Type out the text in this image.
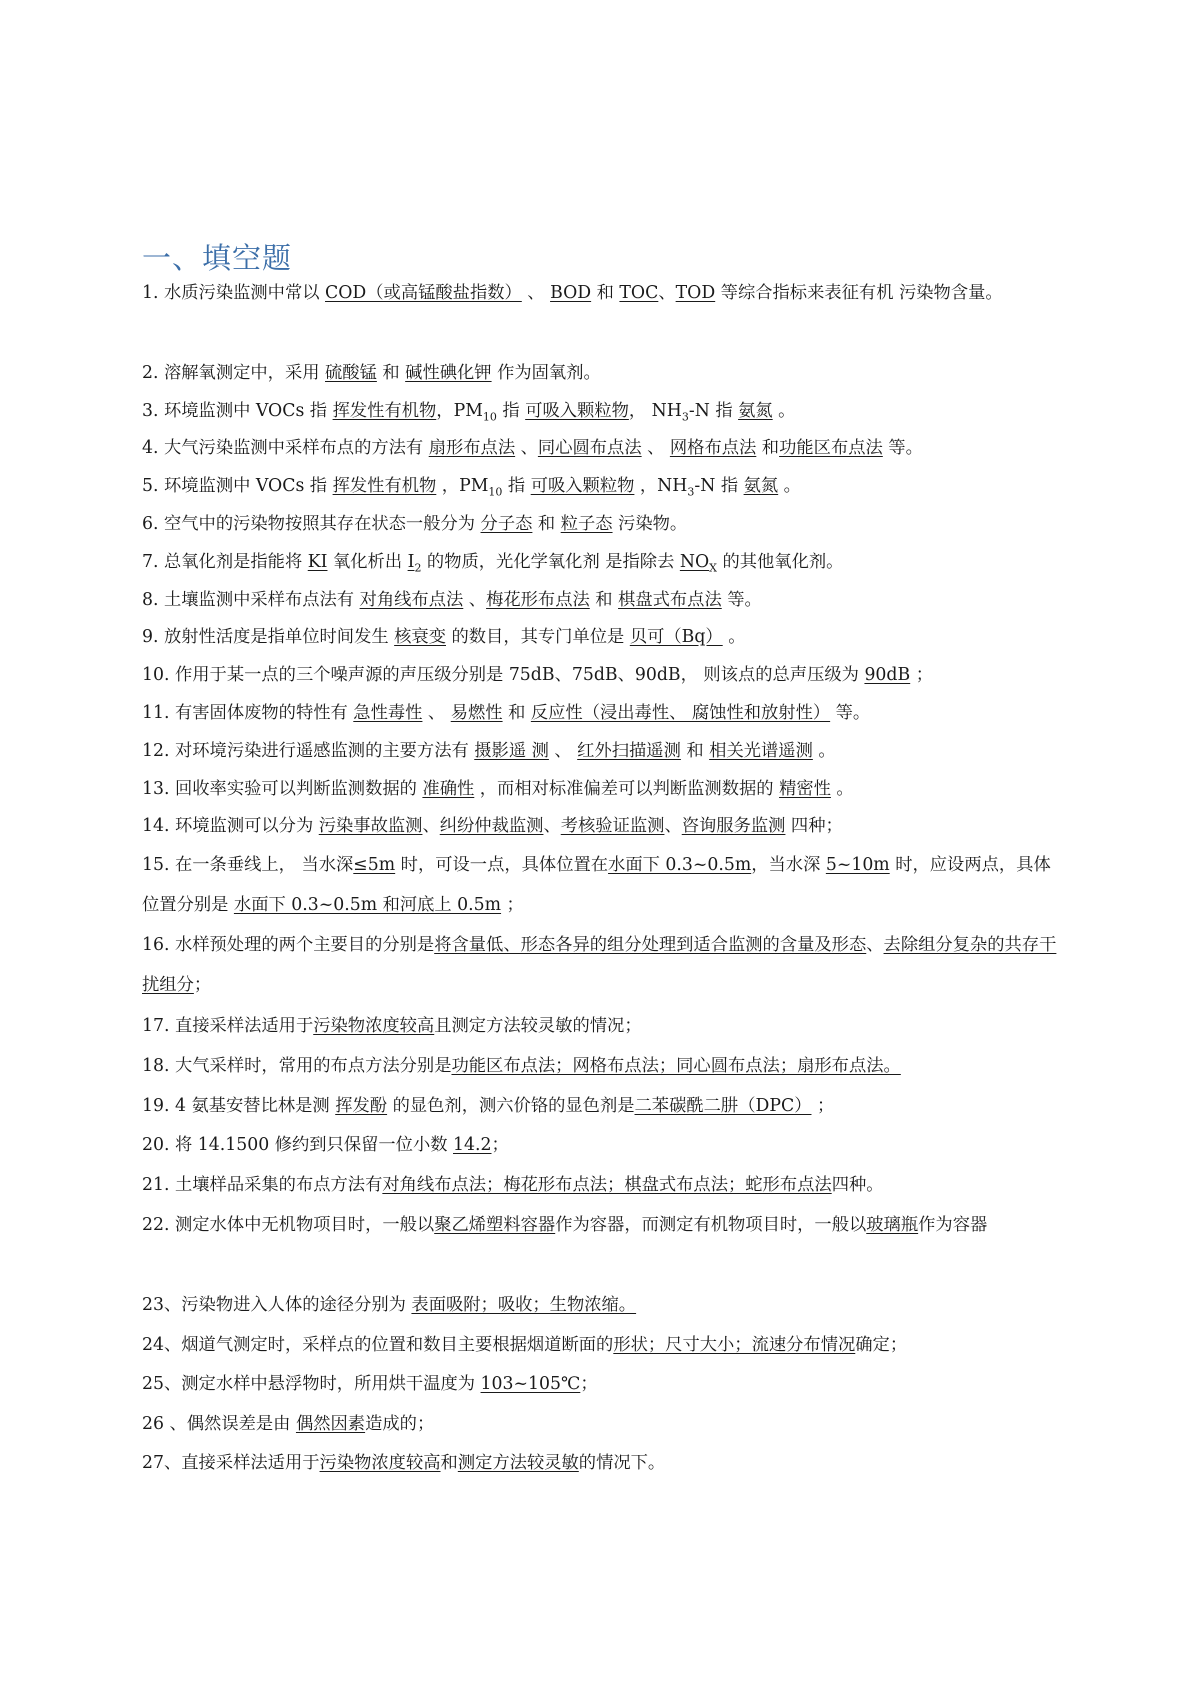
一、填空题
1. 水质污染监测中常以 COD（或高锰酸盐指数） 、 BOD 和 TOC、TOD 等综合指标来表征有机 污染物含量。
2. 溶解氧测定中，采用 硫酸锰 和 碱性碘化钾 作为固氧剂。
3. 环境监测中 VOCs 指 挥发性有机物，$PM_{10}$ 指 可吸入颗粒物， $NH_3-N$ 指 氨氮 。
4. 大气污染监测中采样布点的方法有 扇形布点法 、同心圆布点法 、 网格布点法 和功能区布点法 等。
5. 环境监测中 VOCs 指 挥发性有机物 ，$PM_{10}$ 指 可吸入颗粒物 ，$NH_3-N$ 指 氨氮 。
6. 空气中的污染物按照其存在状态一般分为 分子态 和 粒子态 污染物。
7. 总氧化剂是指能将 KI 氧化析出 $I_2$ 的物质，光化学氧化剂 是指除去 $NO_X$ 的其他氧化剂。
8. 土壤监测中采样布点法有 对角线布点法 、梅花形布点法 和 棋盘式布点法 等。
9. 放射性活度是指单位时间发生 核衰变 的数目，其专门单位是 贝可（Bq） 。
10. 作用于某一点的三个噪声源的声压级分别是 75dB、75dB、90dB， 则该点的总声压级为 90dB ；
11. 有害固体废物的特性有 急性毒性 、 易燃性 和 反应性（浸出毒性、 腐蚀性和放射性） 等。
12. 对环境污染进行遥感监测的主要方法有 摄影遥 测 、 红外扫描遥测 和 相关光谱遥测 。
13. 回收率实验可以判断监测数据的 准确性 ，而相对标准偏差可以判断监测数据的 精密性 。
14. 环境监测可以分为 污染事故监测、纠纷仲裁监测、考核验证监测、咨询服务监测 四种；
15. 在一条垂线上， 当水深≤5m 时，可设一点，具体位置在水面下 0.3~0.5m，当水深 5~10m 时，应设两点，具体位置分别是 水面下 0.3~0.5m 和河底上 0.5m ；
16. 水样预处理的两个主要目的分别是将含量低、形态各异的组分处理到适合监测的含量及形态、去除组分复杂的共存干扰组分；
17. 直接采样法适用于污染物浓度较高且测定方法较灵敏的情况；
18. 大气采样时，常用的布点方法分别是功能区布点法；网格布点法；同心圆布点法；扇形布点法。
19. 4 氨基安替比林是测 挥发酚 的显色剂，测六价铬的显色剂是二苯碳酰二肼（DPC） ；
20. 将 14.1500 修约到只保留一位小数 14.2；
21. 土壤样品采集的布点方法有对角线布点法；梅花形布点法；棋盘式布点法；蛇形布点法四种。
22. 测定水体中无机物项目时，一般以聚乙烯塑料容器作为容器，而测定有机物项目时，一般以玻璃瓶作为容器
23、污染物进入人体的途径分别为 表面吸附；吸收；生物浓缩。
24、烟道气测定时，采样点的位置和数目主要根据烟道断面的形状；尺寸大小；流速分布情况确定；
25、测定水样中悬浮物时，所用烘干温度为 103~105℃；
26 、偶然误差是由 偶然因素造成的；
27、直接采样法适用于污染物浓度较高和测定方法较灵敏的情况下。
